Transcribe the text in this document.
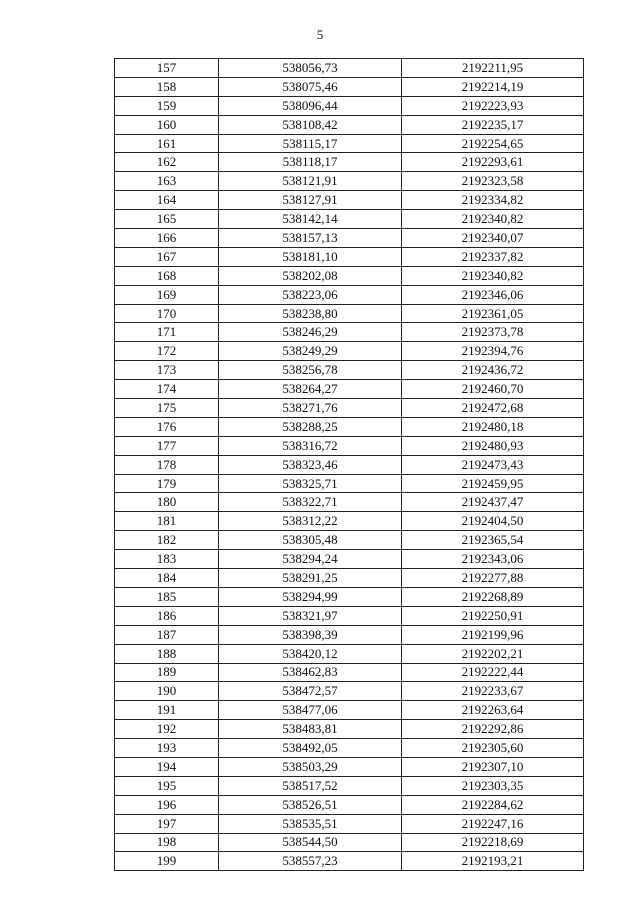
5
157	538056,73	2192211,95
158	538075,46	2192214,19
159	538096,44	2192223,93
160	538108,42	2192235,17
161	538115,17	2192254,65
162	538118,17	2192293,61
163	538121,91	2192323,58
164	538127,91	2192334,82
165	538142,14	2192340,82
166	538157,13	2192340,07
167	538181,10	2192337,82
168	538202,08	2192340,82
169	538223,06	2192346,06
170	538238,80	2192361,05
171	538246,29	2192373,78
172	538249,29	2192394,76
173	538256,78	2192436,72
174	538264,27	2192460,70
175	538271,76	2192472,68
176	538288,25	2192480,18
177	538316,72	2192480,93
178	538323,46	2192473,43
179	538325,71	2192459,95
180	538322,71	2192437,47
181	538312,22	2192404,50
182	538305,48	2192365,54
183	538294,24	2192343,06
184	538291,25	2192277,88
185	538294,99	2192268,89
186	538321,97	2192250,91
187	538398,39	2192199,96
188	538420,12	2192202,21
189	538462,83	2192222,44
190	538472,57	2192233,67
191	538477,06	2192263,64
192	538483,81	2192292,86
193	538492,05	2192305,60
194	538503,29	2192307,10
195	538517,52	2192303,35
196	538526,51	2192284,62
197	538535,51	2192247,16
198	538544,50	2192218,69
199	538557,23	2192193,21
